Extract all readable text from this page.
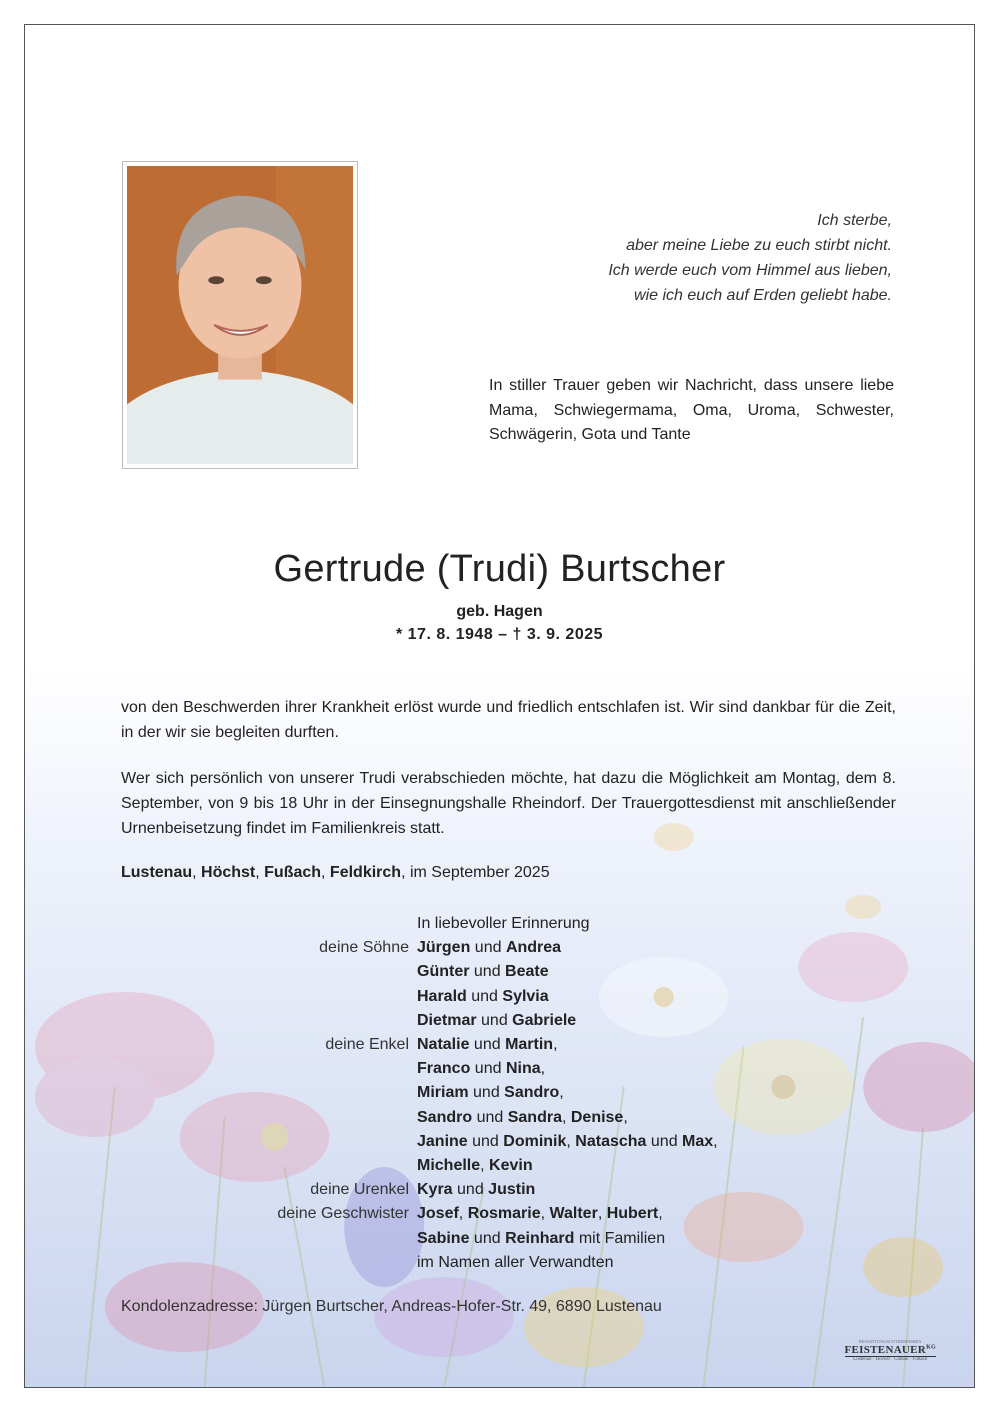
Ich sterbe,
aber meine Liebe zu euch stirbt nicht.
Ich werde euch vom Himmel aus lieben,
wie ich euch auf Erden geliebt habe.
In stiller Trauer geben wir Nachricht, dass unsere liebe Mama, Schwiegermama, Oma, Uroma, Schwester, Schwägerin, Gota und Tante
Gertrude (Trudi) Burtscher
geb. Hagen
* 17. 8. 1948 – † 3. 9. 2025
von den Beschwerden ihrer Krankheit erlöst wurde und friedlich entschlafen ist. Wir sind dankbar für die Zeit, in der wir sie begleiten durften.
Wer sich persönlich von unserer Trudi verabschieden möchte, hat dazu die Möglichkeit am Montag, dem 8. September, von 9 bis 18 Uhr in der Einsegnungshalle Rheindorf. Der Trauergottesdienst mit anschließender Urnenbeisetzung findet im Familienkreis statt.
Lustenau, Höchst, Fußach, Feldkirch, im September 2025
In liebevoller Erinnerung
deine Söhne Jürgen und Andrea
Günter und Beate
Harald und Sylvia
Dietmar und Gabriele
deine Enkel Natalie und Martin,
Franco und Nina,
Miriam und Sandro,
Sandro und Sandra, Denise,
Janine und Dominik, Natascha und Max,
Michelle, Kevin
deine Urenkel Kyra und Justin
deine Geschwister Josef, Rosmarie, Walter, Hubert,
Sabine und Reinhard mit Familien
im Namen aller Verwandten
Kondolenzadresse: Jürgen Burtscher, Andreas-Hofer-Str. 49, 6890 Lustenau
BESTATTUNGSUNTERNEHMEN
$FEISTENAUER^{KG}$
Lustenau · Höchst · Gaißau · Fußach
